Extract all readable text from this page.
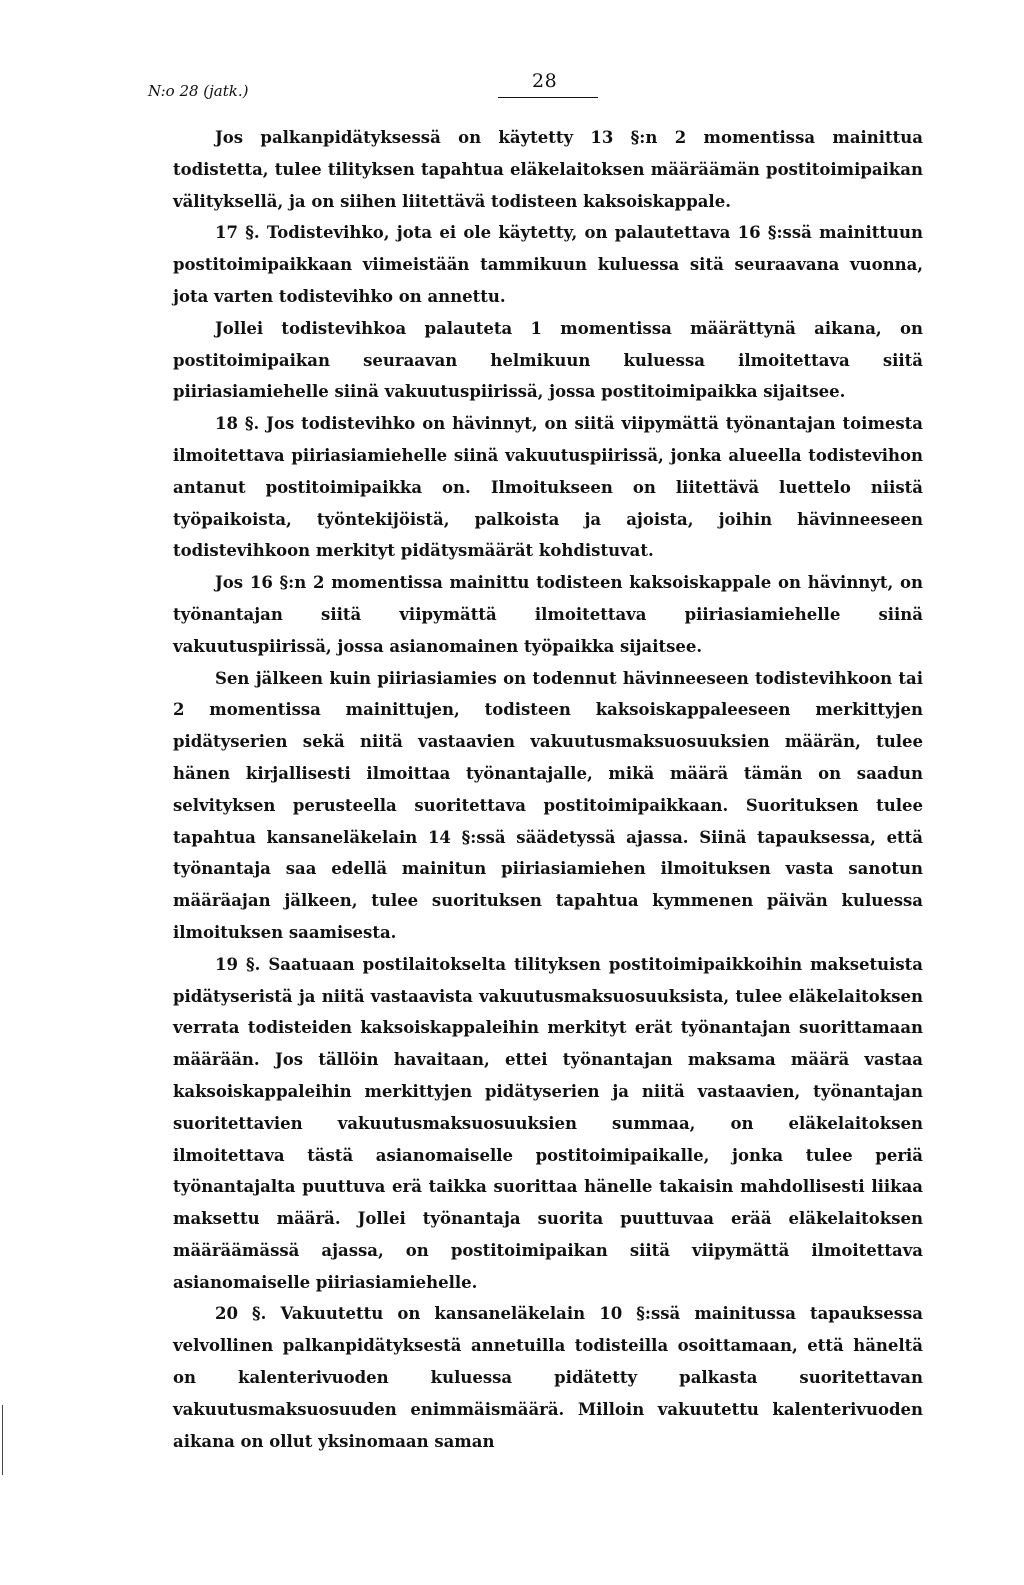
N:o 28 (jatk.)	28

Jos palkanpidätyksessä on käytetty 13 §:n 2 momentissa mainittua todistetta, tulee tilityksen tapahtua eläkelaitoksen määräämän postitoimipaikan välityksellä, ja on siihen liitettävä todisteen kaksoiskappale.

17 §. Todistevihko, jota ei ole käytetty, on palautettava 16 §:ssä mainittuun postitoimipaikkaan viimeistään tammikuun kuluessa sitä seuraavana vuonna, jota varten todistevihko on annettu.

Jollei todistevihkoa palauteta 1 momentissa määrättynä aikana, on postitoimipaikan seuraavan helmikuun kuluessa ilmoitettava siitä piiriasiamiehelle siinä vakuutuspiirissä, jossa postitoimipaikka sijaitsee.

18 §. Jos todistevihko on hävinnyt, on siitä viipymättä työnantajan toimesta ilmoitettava piiriasiamiehelle siinä vakuutuspiirissä, jonka alueella todistevihon antanut postitoimipaikka on. Ilmoitukseen on liitettävä luettelo niistä työpaikoista, työntekijöistä, palkoista ja ajoista, joihin hävinneeseen todistevihkoon merkityt pidätysmäärät kohdistuvat.

Jos 16 §:n 2 momentissa mainittu todisteen kaksoiskappale on hävinnyt, on työnantajan siitä viipymättä ilmoitettava piiriasiamiehelle siinä vakuutuspiirissä, jossa asianomainen työpaikka sijaitsee.

Sen jälkeen kuin piiriasiamies on todennut hävinneeseen todistevihkoon tai 2 momentissa mainittujen, todisteen kaksoiskappaleeseen merkittyjen pidätyserien sekä niitä vastaavien vakuutusmaksuosuuksien määrän, tulee hänen kirjallisesti ilmoittaa työnantajalle, mikä määrä tämän on saadun selvityksen perusteella suoritettava postitoimipaikkaan. Suorituksen tulee tapahtua kansaneläkelain 14 §:ssä säädetyssä ajassa. Siinä tapauksessa, että työnantaja saa edellä mainitun piiriasiamiehen ilmoituksen vasta sanotun määräajan jälkeen, tulee suorituksen tapahtua kymmenen päivän kuluessa ilmoituksen saamisesta.

19 §. Saatuaan postilaitokselta tilityksen postitoimipaikkoihin maksetuista pidätyseristä ja niitä vastaavista vakuutusmaksuosuuksista, tulee eläkelaitoksen verrata todisteiden kaksoiskappaleihin merkityt erät työnantajan suorittamaan määrään. Jos tällöin havaitaan, ettei työnantajan maksama määrä vastaa kaksoiskappaleihin merkittyjen pidätyserien ja niitä vastaavien, työnantajan suoritettavien vakuutusmaksuosuuksien summaa, on eläkelaitoksen ilmoitettava tästä asianomaiselle postitoimipaikalle, jonka tulee periä työnantajalta puuttuva erä taikka suorittaa hänelle takaisin mahdollisesti liikaa maksettu määrä. Jollei työnantaja suorita puuttuvaa erää eläkelaitoksen määräämässä ajassa, on postitoimipaikan siitä viipymättä ilmoitettava asianomaiselle piiriasiamiehelle.

20 §. Vakuutettu on kansaneläkelain 10 §:ssä mainitussa tapauksessa velvollinen palkanpidätyksestä annetuilla todisteilla osoittamaan, että häneltä on kalenterivuoden kuluessa pidätetty palkasta suoritettavan vakuutusmaksuosuuden enimmäismäärä. Milloin vakuutettu kalenterivuoden aikana on ollut yksinomaan saman
